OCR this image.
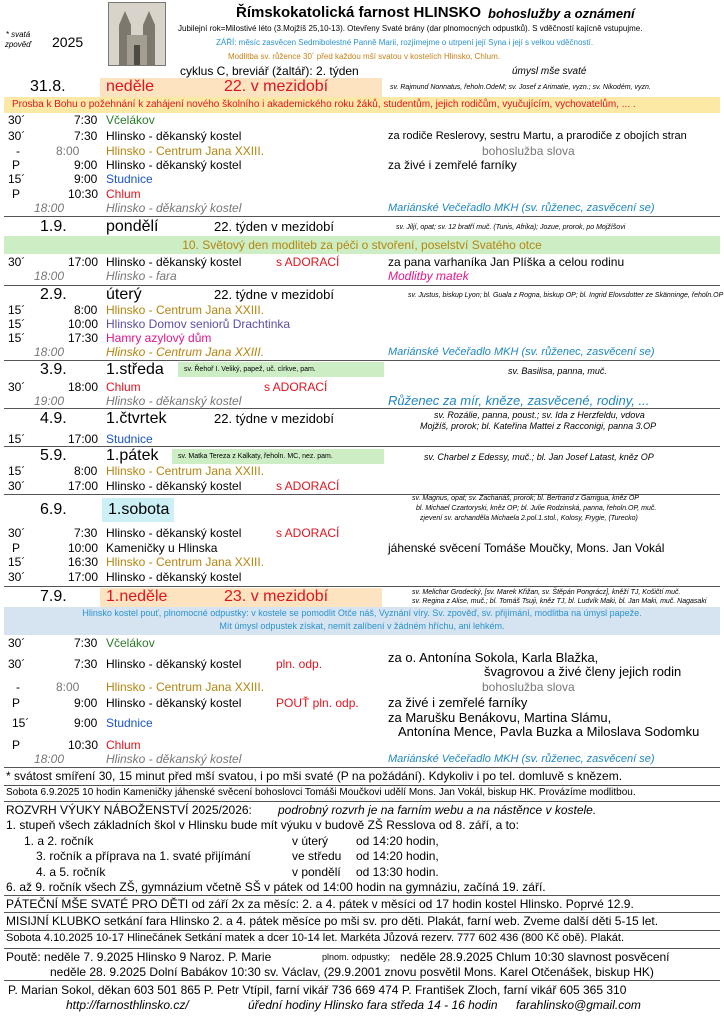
* svatá zpověď 2025
Římskokatolická farnost HLINSKO bohoslužby a oznámení
Jubilejní rok=Milostivé léto (3.Mojžíš 25,10-13). Otevřeny Svaté brány (dar plnomocných odpustků). S vděčností kajícně vstupujme.
ZÁŘÍ: měsíc zasvěcen Sedmibolestné Panně Marii, rozjímejme o utrpení její Syna i její s velkou vděčností.
Modlitba sv. růžence 30´ před každou mší svatou v kostelích Hlinsko, Chlum.
cyklus C, breviář (žaltář): 2. týden	úmysl mše svaté
31.8.	neděle	22. v mezidobí	sv. Rajmund Nonnatus, řeholn.OdeM; sv. Josef z Arimatie, vyzn.; sv. Nikodém, vyzn.
Prosba k Bohu o požehnání k zahájení nového školního i akademického roku žáků, studentům, jejich rodičům, vyučujícím, vychovatelům, ... .
30´	7:30 Včelákov
30´	7:30 Hlinsko - děkanský kostel	za rodiče Reslerovy, sestru Martu, a prarodiče z obojích stran
-	8:00 Hlinsko - Centrum Jana XXIII.	bohoslužba slova
P	9:00 Hlinsko - děkanský kostel	za živé i zemřelé farníky
15´	9:00 Studnice
P	10:30 Chlum
18:00	Hlinsko - děkanský kostel	Mariánské Večeřadlo MKH (sv. růženec, zasvěcení se)
1.9. pondělí	22. týden v mezidobí	sv. Jiljí, opat; sv. 12 bratří muč. (Tunis, Afrika); Jozue, prorok, po Mojžíšovi
10. Světový den modliteb za péči o stvoření, poselství Svatého otce
30´	17:00 Hlinsko - děkanský kostel	s ADORACÍ	za pana varhaníka Jan Plíška a celou rodinu
18:00	Hlinsko - fara	Modlitby matek
2.9. úterý	22. týdne v mezidobí	sv. Justus, biskup Lyon; bl. Guala z Rogna, biskup OP; bl. Ingrid Elovsdotter ze Skänninge, řeholn.OP
15´	8:00 Hlinsko - Centrum Jana XXIII.
15´	10:00 Hlinsko Domov seniorů Drachtinka
15´	17:30 Hamry azylový dům
18:00	Hlinsko - Centrum Jana XXIII.	Mariánské Večeřadlo MKH (sv. růženec, zasvěcení se)
3.9. 1.středa	sv. Řehoř I. Veliký, papež, uč. církve, pam.	sv. Basilisa, panna, muč.
30´	18:00 Chlum	s ADORACÍ
19:00	Hlinsko - děkanský kostel	Růženec za mír, kněze, zasvěcené, rodiny, ...
4.9. 1.čtvrtek	22. týdne v mezidobí	sv. Rozálie, panna, poust.; sv. Ida z Herzfeldu, vdova
Mojžíš, prorok; bl. Kateřina Mattei z Racconigi, panna 3.OP
15´	17:00 Studnice
5.9. 1.pátek	sv. Matka Tereza z Kalkaty, řeholn. MC, nez. pam.	sv. Charbel z Edessy, muč.; bl. Jan Josef Latast, kněz OP
15´	8:00 Hlinsko - Centrum Jana XXIII.
30´	17:00 Hlinsko - děkanský kostel	s ADORACÍ
6.9.	1.sobota
sv. Magnus, opat; sv. Zachariáš, prorok; bl. Bertrand z Garrigua, kněz OP
bl. Michael Czartoryski, kněz OP; bl. Julie Rodzinská, panna, řeholn.OP, muč.
zjevení sv. archanděla Michaela 2.pol.1.stol., Kolosy, Frygie, (Turecko)
30´	7:30 Hlinsko - děkanský kostel	s ADORACÍ
P	10:00 Kameničky u Hlinska	jáhenské svěcení Tomáše Moučky, Mons. Jan Vokál
15´	16:30 Hlinsko - Centrum Jana XXIII.
30´	17:00 Hlinsko - děkanský kostel
7.9. 1.neděle	23. v mezidobí	sv. Melichar Grodecký, [sv. Marek Křižan, sv. Štěpán Pongrácz], kněží TJ, Košičtí muč.
sv. Regina z Alise, muč.; bl. Tomáš Tsuji, kněz TJ, bl. Ludvík Maki, bl. Jan Maki, muč. Nagasaki
Hlinsko kostel pouť, plnomocné odpustky: v kostele se pomodlit Otče náš, Vyznání víry. Sv. zpověď, sv. přijímání, modlitba na úmysl papeže.
Mít úmysl odpustek získat, nemít zalíbení v žádném hříchu, ani lehkém.
30´	7:30 Včelákov
30´	7:30 Hlinsko - děkanský kostel	pln. odp.	za o. Antonína Sokola, Karla Blažka,
švagrovou a živé členy jejich rodin
-	8:00 Hlinsko - Centrum Jana XXIII.	bohoslužba slova
P	9:00 Hlinsko - děkanský kostel	POUŤ pln. odp. za živé i zemřelé farníky
15´	9:00 Studnice	za Marušku Benákovu, Martina Slámu,
Antonína Mence, Pavla Buzka a Miloslava Sodomku
P	10:30 Chlum
18:00	Hlinsko - děkanský kostel	Mariánské Večeřadlo MKH (sv. růženec, zasvěcení se)
* svátost smíření 30, 15 minut před mší svatou, i po mši svaté (P na požádání). Kdykoliv i po tel. domluvě s knězem.
Sobota 6.9.2025 10 hodin Kameničky jáhenské svěcení bohoslovci Tomáši Moučkovi udělí Mons. Jan Vokál, biskup HK. Provázíme modlitbou.
ROZVRH VÝUKY NÁBOŽENSTVÍ 2025/2026: podrobný rozvrh je na farním webu a na nástěnce v kostele.
1. stupeň všech základních škol v Hlinsku bude mít výuku v budově ZŠ Resslova od 8. září, a to:
1. a 2. ročník	v úterý od 14:20 hodin,
3. ročník a příprava na 1. svaté přijímání	ve středu od 14:20 hodin,
4. a 5. ročník	v pondělí od 13:30 hodin.
6. až 9. ročník všech ZŠ, gymnázium včetně SŠ v pátek od 14:00 hodin na gymnáziu, začíná 19. září.
PÁTEČNÍ MŠE SVATÉ PRO DĚTI od září 2x za měsíc: 2. a 4. pátek v měsíci od 17 hodin kostel Hlinsko. Poprvé 12.9.
MISIJNÍ KLUBKO setkání fara Hlinsko 2. a 4. pátek měsíce po mši sv. pro děti. Plakát, farní web. Zveme další děti 5-15 let.
Sobota 4.10.2025 10-17 Hlinečánek Setkání matek a dcer 10-14 let. Markéta Jůzová rezerv. 777 602 436 (800 Kč obě). Plakát.
Poutě: neděle 7. 9.2025 Hlinsko 9 Naroz. P. Marie	plnom. odpustky; neděle 28.9.2025 Chlum 10:30 slavnost posvěcení
neděle 28. 9.2025 Dolní Babákov 10:30 sv. Václav, (29.9.2001 znovu posvětil Mons. Karel Otčenášek, biskup HK)
P. Marian Sokol, děkan 603 501 865 P. Petr Vtípil, farní vikář 736 669 474 P. František Zloch, farní vikář 605 365 310
http://farnosthlinsko.cz/	úřední hodiny Hlinsko fara středa 14 - 16 hodin farahlinsko@gmail.com
